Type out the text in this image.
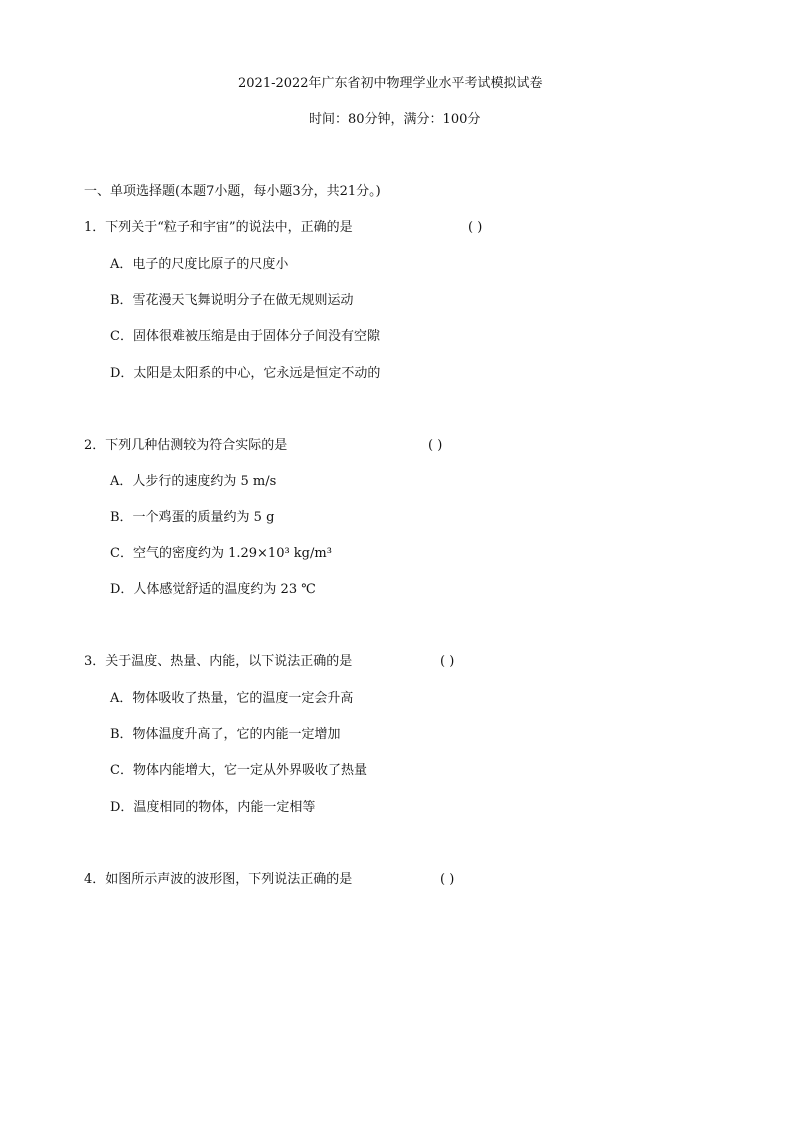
2021-2022年广东省初中物理学业水平考试模拟试卷
时间：80分钟，满分：100分
一、单项选择题(本题7小题，每小题3分，共21分。)
1．下列关于“粒子和宇宙”的说法中，正确的是	( )
A．电子的尺度比原子的尺度小
B．雪花漫天飞舞说明分子在做无规则运动
C．固体很难被压缩是由于固体分子间没有空隙
D．太阳是太阳系的中心，它永远是恒定不动的
2．下列几种估测较为符合实际的是	( )
A．人步行的速度约为 5 m/s
B．一个鸡蛋的质量约为 5 g
C．空气的密度约为 1.29×10³ kg/m³
D．人体感觉舒适的温度约为 23 ℃
3．关于温度、热量、内能，以下说法正确的是	( )
A．物体吸收了热量，它的温度一定会升高
B．物体温度升高了，它的内能一定增加
C．物体内能增大，它一定从外界吸收了热量
D．温度相同的物体，内能一定相等
4．如图所示声波的波形图，下列说法正确的是	( )
